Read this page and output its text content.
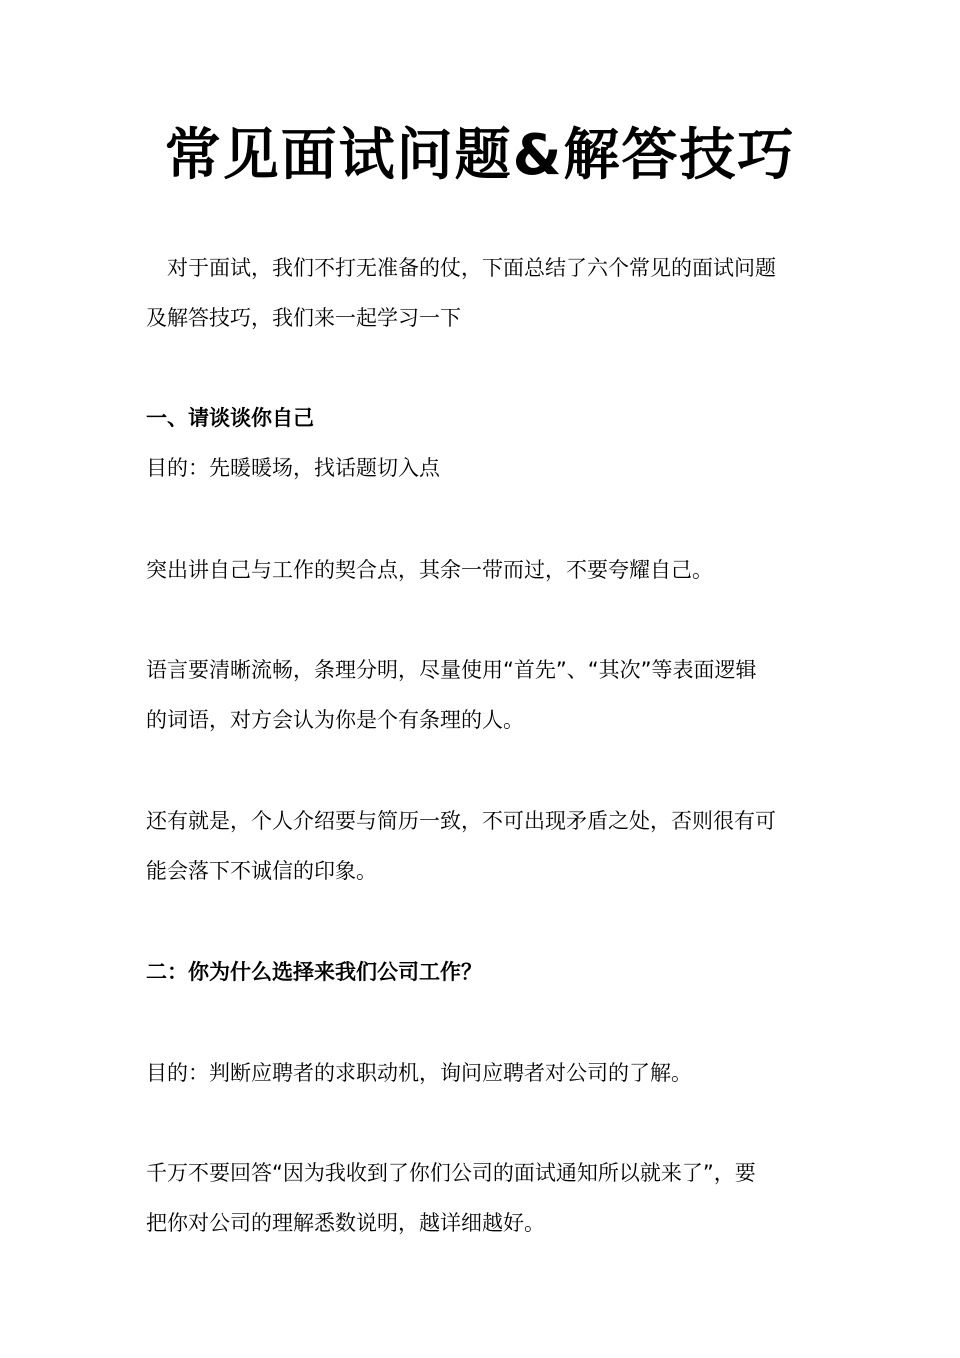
常见面试问题&解答技巧

对于面试，我们不打无准备的仗，下面总结了六个常见的面试问题

及解答技巧，我们来一起学习一下

一、请谈谈你自己

目的：先暖暖场，找话题切入点

突出讲自己与工作的契合点，其余一带而过，不要夸耀自己。

语言要清晰流畅，条理分明，尽量使用“首先”、“其次”等表面逻辑

的词语，对方会认为你是个有条理的人。

还有就是，个人介绍要与简历一致，不可出现矛盾之处，否则很有可

能会落下不诚信的印象。

二：你为什么选择来我们公司工作？

目的：判断应聘者的求职动机，询问应聘者对公司的了解。

千万不要回答“因为我收到了你们公司的面试通知所以就来了”，要

把你对公司的理解悉数说明，越详细越好。
